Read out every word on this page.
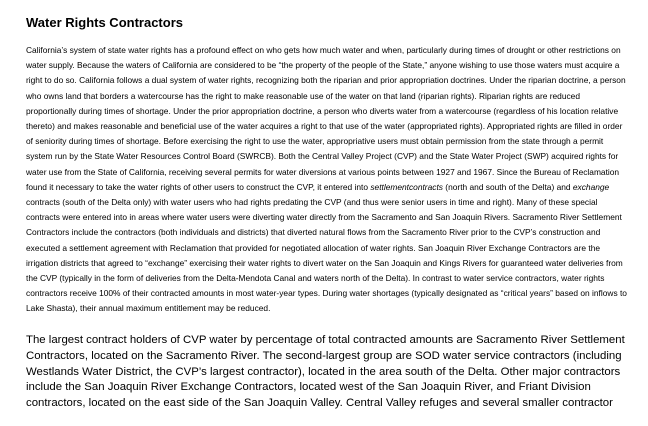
Water Rights Contractors

California’s system of state water rights has a profound effect on who gets how much water and when, particularly during times of drought or other restrictions on water supply. Because the waters of California are considered to be “the property of the people of the State,” anyone wishing to use those waters must acquire a right to do so. California follows a dual system of water rights, recognizing both the riparian and prior appropriation doctrines. Under the riparian doctrine, a person who owns land that borders a watercourse has the right to make reasonable use of the water on that land (riparian rights). Riparian rights are reduced proportionally during times of shortage. Under the prior appropriation doctrine, a person who diverts water from a watercourse (regardless of his location relative thereto) and makes reasonable and beneficial use of the water acquires a right to that use of the water (appropriated rights). Appropriated rights are filled in order of seniority during times of shortage. Before exercising the right to use the water, appropriative users must obtain permission from the state through a permit system run by the State Water Resources Control Board (SWRCB). Both the Central Valley Project (CVP) and the State Water Project (SWP) acquired rights for water use from the State of California, receiving several permits for water diversions at various points between 1927 and 1967. Since the Bureau of Reclamation found it necessary to take the water rights of other users to construct the CVP, it entered into settlementcontracts (north and south of the Delta) and exchange contracts (south of the Delta only) with water users who had rights predating the CVP (and thus were senior users in time and right). Many of these special contracts were entered into in areas where water users were diverting water directly from the Sacramento and San Joaquin Rivers. Sacramento River Settlement Contractors include the contractors (both individuals and districts) that diverted natural flows from the Sacramento River prior to the CVP’s construction and executed a settlement agreement with Reclamation that provided for negotiated allocation of water rights. San Joaquin River Exchange Contractors are the irrigation districts that agreed to “exchange” exercising their water rights to divert water on the San Joaquin and Kings Rivers for guaranteed water deliveries from the CVP (typically in the form of deliveries from the Delta-Mendota Canal and waters north of the Delta). In contrast to water service contractors, water rights contractors receive 100% of their contracted amounts in most water-year types. During water shortages (typically designated as “critical years” based on inflows to Lake Shasta), their annual maximum entitlement may be reduced.

The largest contract holders of CVP water by percentage of total contracted amounts are Sacramento River Settlement Contractors, located on the Sacramento River. The second-largest group are SOD water service contractors (including Westlands Water District, the CVP’s largest contractor), located in the area south of the Delta. Other major contractors include the San Joaquin River Exchange Contractors, located west of the San Joaquin River, and Friant Division contractors, located on the east side of the San Joaquin Valley. Central Valley refuges and several smaller contractor
